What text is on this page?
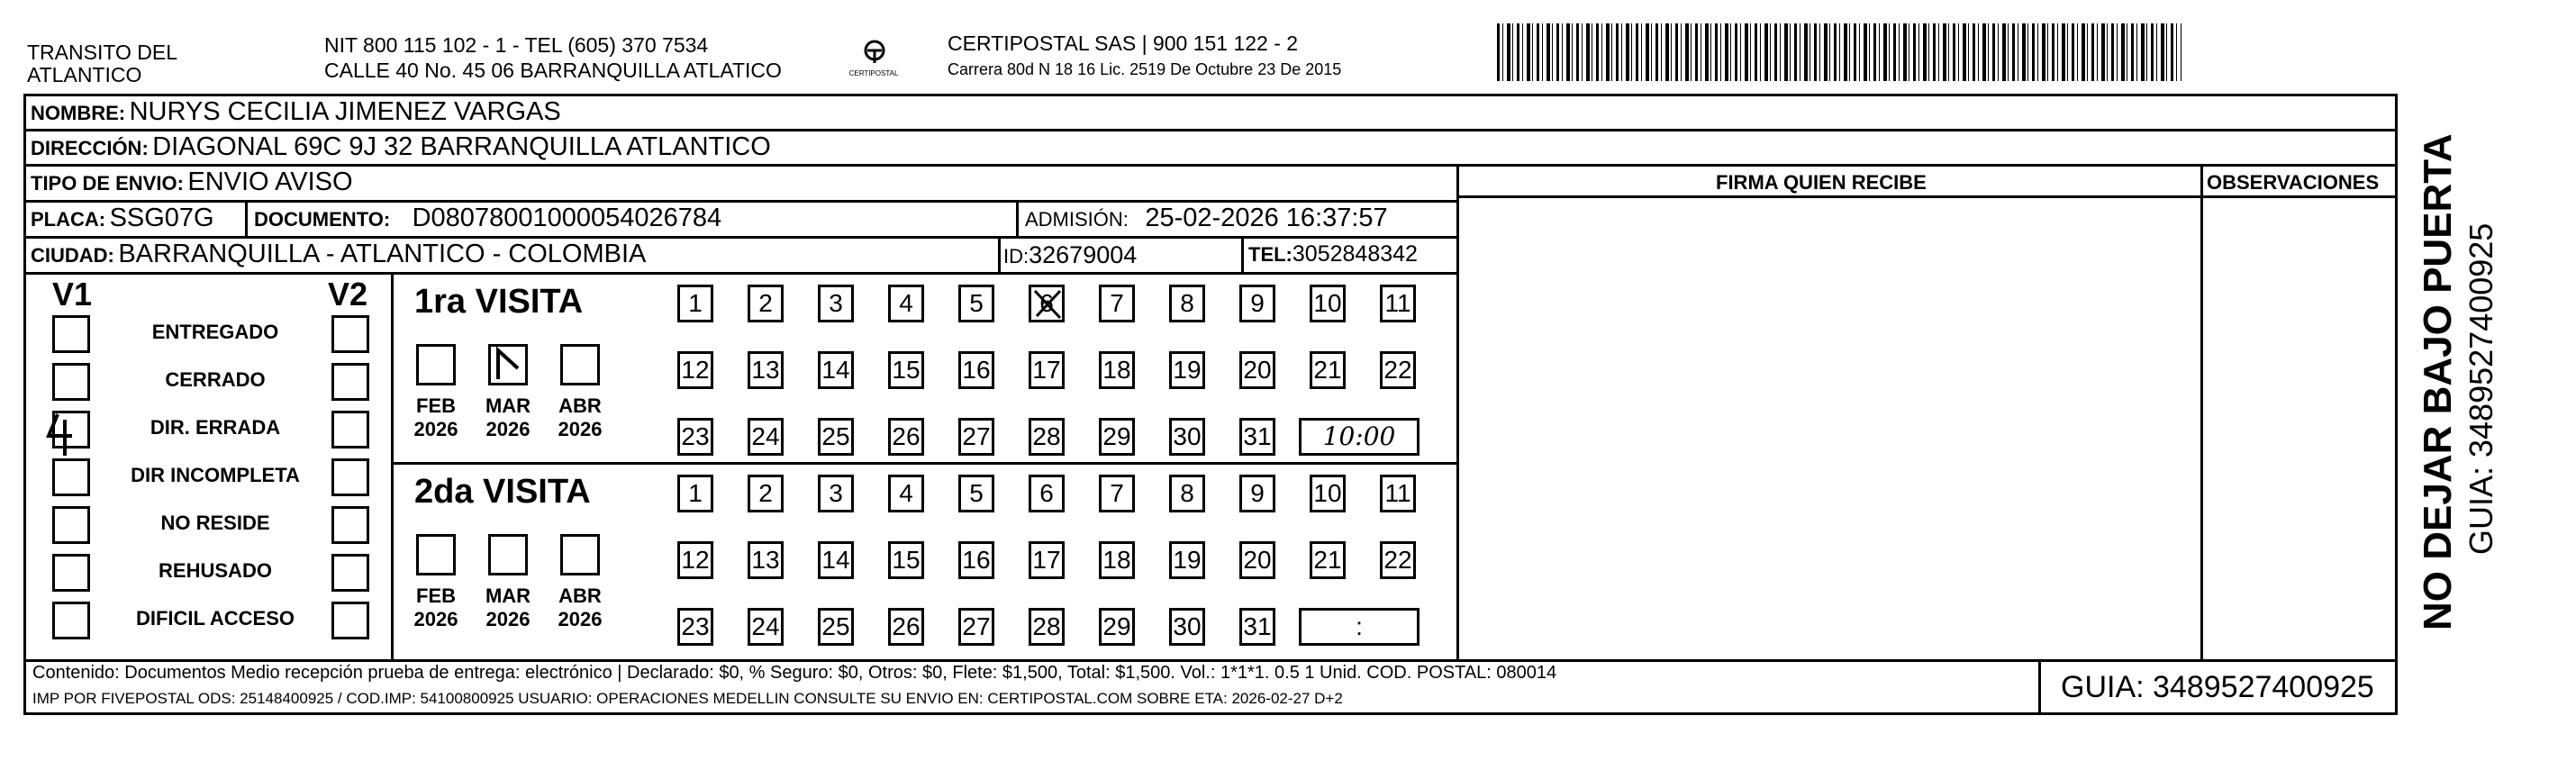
TRANSITO DEL ATLANTICO
NIT 800 115 102 - 1 - TEL (605) 370 7534
CALLE 40 No. 45 06 BARRANQUILLA ATLATICO	CERTIPOSTAL
CERTIPOSTAL SAS | 900 151 122 - 2
Carrera 80d N 18 16 Lic. 2519 De Octubre 23 De 2015
NOMBRE: NURYS CECILIA JIMENEZ VARGAS
DIRECCIÓN: DIAGONAL 69C 9J 32 BARRANQUILLA ATLANTICO
TIPO DE ENVIO: ENVIO AVISO	FIRMA QUIEN RECIBE	OBSERVACIONES
PLACA: SSG07G DOCUMENTO: D08078001000054026784	ADMISIÓN: 25-02-2026 16:37:57
CIUDAD: BARRANQUILLA - ATLANTICO - COLOMBIA	ID:32679004	TEL:3052848342
V1	V2
ENTREGADO
CERRADO
DIR. ERRADA
DIR INCOMPLETA
NO RESIDE
REHUSADO
DIFICIL ACCESO
1ra VISITA
FEB
2026
MAR
2026
ABR
2026
1	2	3	4	5	6	7	8	9	10 11
12 13 14 15 16 17 18 19 20 21 22
23 24 25 26 27 28 29 30 31	10:00
2da VISITA
FEB
2026
MAR
2026
ABR
2026
1	2	3	4	5	6	7	8	9	10 11
12 13 14 15 16 17 18 19 20 21 22
23 24 25 26 27 28 29 30 31	:
Contenido: Documentos Medio recepción prueba de entrega: electrónico | Declarado: $0, % Seguro: $0, Otros: $0, Flete: $1,500, Total: $1,500. Vol.: 1*1*1. 0.5 1 Unid. COD. POSTAL: 080014
IMP POR FIVEPOSTAL ODS: 25148400925 / COD.IMP: 54100800925 USUARIO: OPERACIONES MEDELLIN CONSULTE SU ENVIO EN: CERTIPOSTAL.COM SOBRE ETA: 2026-02-27 D+2	GUIA: 3489527400925
NO DEJAR BAJO PUERTA GUIA: 3489527400925
